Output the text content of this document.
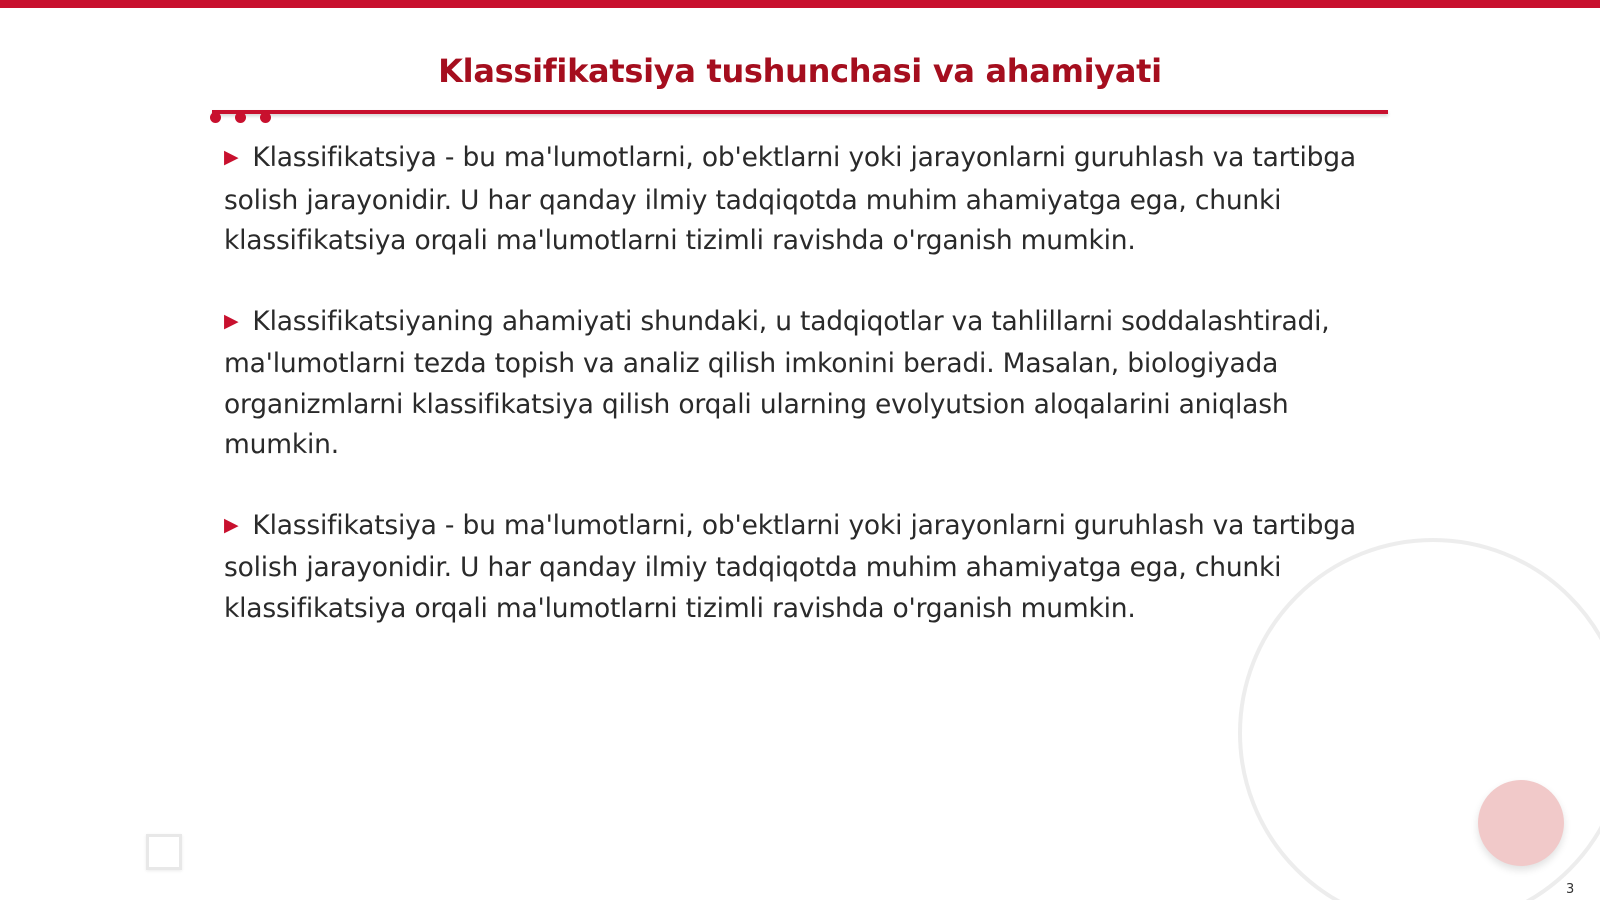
Klassifikatsiya tushunchasi va ahamiyati

▶ Klassifikatsiya - bu ma'lumotlarni, ob'ektlarni yoki jarayonlarni guruhlash va tartibga solish jarayonidir. U har qanday ilmiy tadqiqotda muhim ahamiyatga ega, chunki klassifikatsiya orqali ma'lumotlarni tizimli ravishda o'rganish mumkin.

▶ Klassifikatsiyaning ahamiyati shundaki, u tadqiqotlar va tahlillarni soddalashtiradi, ma'lumotlarni tezda topish va analiz qilish imkonini beradi. Masalan, biologiyada organizmlarni klassifikatsiya qilish orqali ularning evolyutsion aloqalarini aniqlash mumkin.

▶ Klassifikatsiya - bu ma'lumotlarni, ob'ektlarni yoki jarayonlarni guruhlash va tartibga solish jarayonidir. U har qanday ilmiy tadqiqotda muhim ahamiyatga ega, chunki klassifikatsiya orqali ma'lumotlarni tizimli ravishda o'rganish mumkin.

3
